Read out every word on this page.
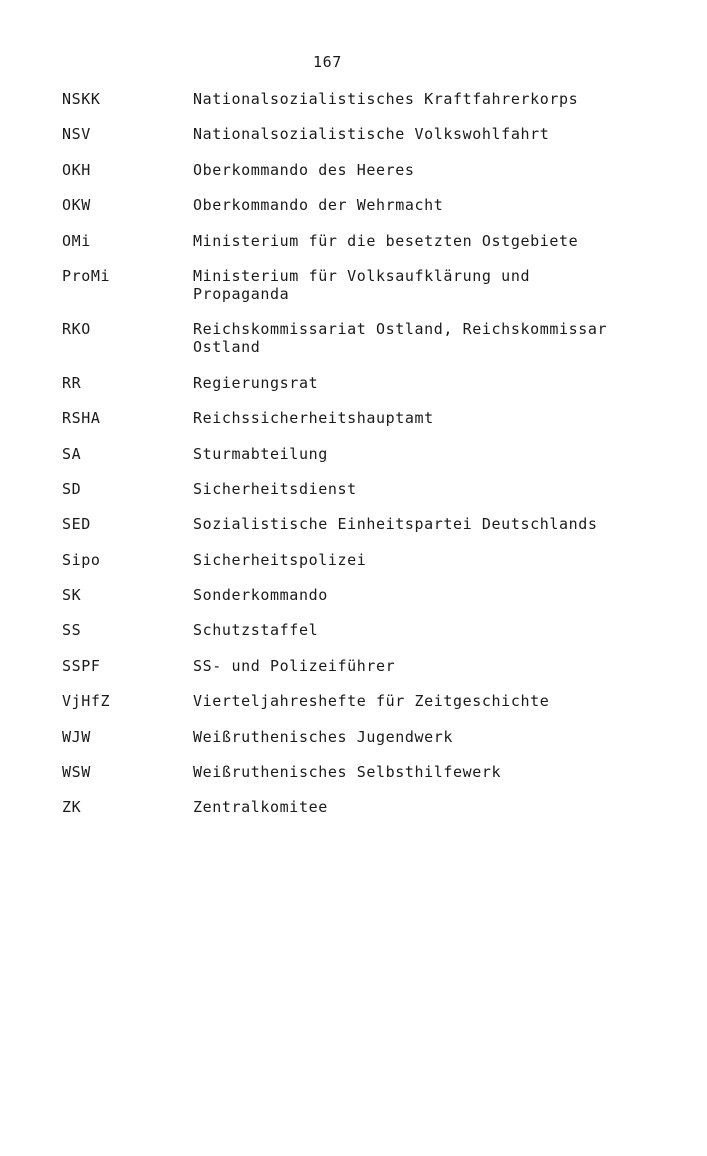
167
NSKK	Nationalsozialistisches Kraftfahrerkorps
NSV	Nationalsozialistische Volkswohlfahrt
OKH	Oberkommando des Heeres
OKW	Oberkommando der Wehrmacht
OMi	Ministerium für die besetzten Ostgebiete
ProMi	Ministerium für Volksaufklärung und
Propaganda
RKO	Reichskommissariat Ostland, Reichskommissar
Ostland
RR	Regierungsrat
RSHA	Reichssicherheitshauptamt
SA	Sturmabteilung
SD	Sicherheitsdienst
SED	Sozialistische Einheitspartei Deutschlands
Sipo	Sicherheitspolizei
SK	Sonderkommando
SS	Schutzstaffel
SSPF	SS- und Polizeiführer
VjHfZ	Vierteljahreshefte für Zeitgeschichte
WJW	Weißruthenisches Jugendwerk
WSW	Weißruthenisches Selbsthilfewerk
ZK	Zentralkomitee
